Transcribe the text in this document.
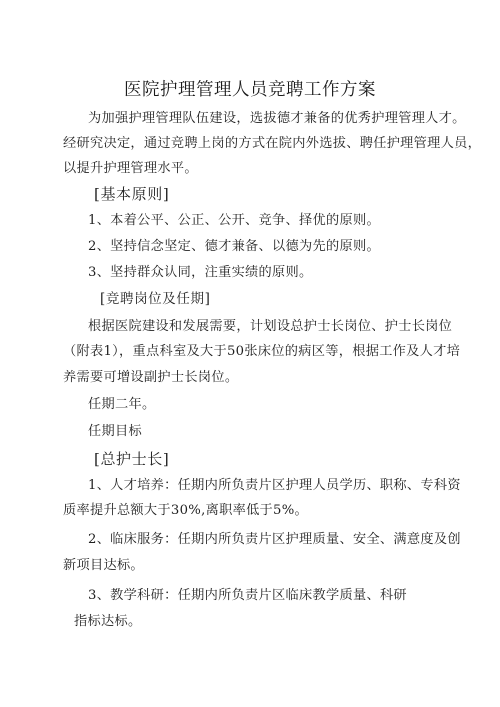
医院护理管理人员竞聘工作方案
为加强护理管理队伍建设，选拔德才兼备的优秀护理管理人才。
经研究决定，通过竞聘上岗的方式在院内外选拔、聘任护理管理人员，
以提升护理管理水平。
[基本原则]
1、本着公平、公正、公开、竞争、择优的原则。
2、坚持信念坚定、德才兼备、以德为先的原则。
3、坚持群众认同，注重实绩的原则。
[竞聘岗位及任期]
根据医院建设和发展需要，计划设总护士长岗位、护士长岗位
（附表1），重点科室及大于50张床位的病区等，根据工作及人才培
养需要可增设副护士长岗位。
任期二年。
任期目标
[总护士长]
1、人才培养：任期内所负责片区护理人员学历、职称、专科资
质率提升总额大于30%,离职率低于5%。
2、临床服务：任期内所负责片区护理质量、安全、满意度及创
新项目达标。
3、教学科研：任期内所负责片区临床教学质量、科研
指标达标。
